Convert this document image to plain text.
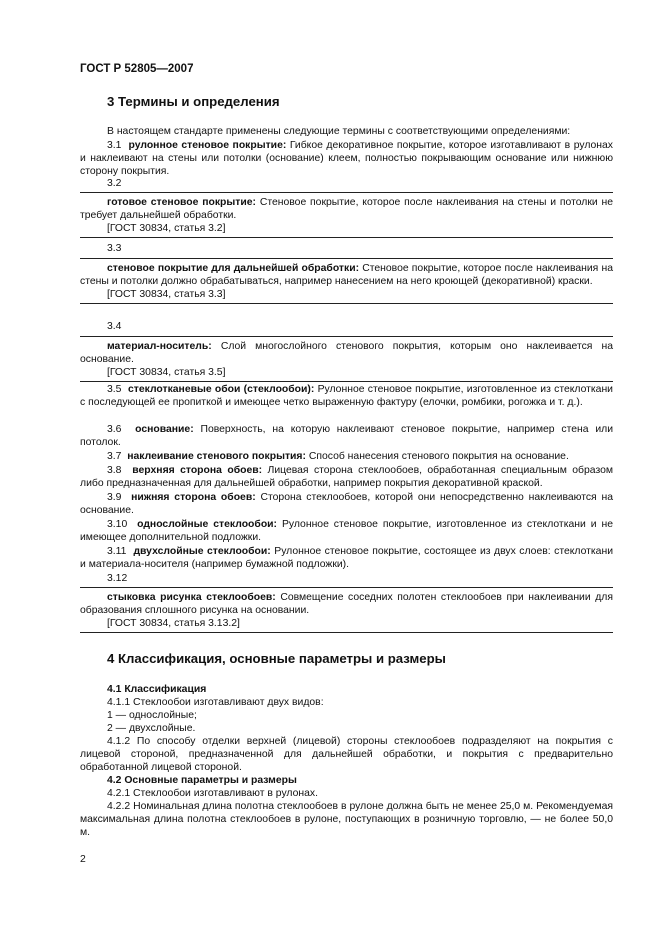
ГОСТ Р 52805—2007
3 Термины и определения

В настоящем стандарте применены следующие термины с соответствующими определениями:

3.1 рулонное стеновое покрытие: Гибкое декоративное покрытие, которое изготавливают в рулонах и наклеивают на стены или потолки (основание) клеем, полностью покрывающим основание или нижнюю сторону покрытия.

3.2

готовое стеновое покрытие: Стеновое покрытие, которое после наклеивания на стены и потолки не требует дальнейшей обработки.

[ГОСТ 30834, статья 3.2]
3.3

стеновое покрытие для дальнейшей обработки: Стеновое покрытие, которое после наклеивания на стены и потолки должно обрабатываться, например нанесением на него кроющей (декоративной) краски.

[ГОСТ 30834, статья 3.3]
3.4

материал-носитель: Слой многослойного стенового покрытия, которым оно наклеивается на основание.

[ГОСТ 30834, статья 3.5]

3.5 стеклотканевые обои (стеклообои): Рулонное стеновое покрытие, изготовленное из стеклоткани с последующей ее пропиткой и имеющее четко выраженную фактуру (елочки, ромбики, рогожка и т. д.).

3.6 основание: Поверхность, на которую наклеивают стеновое покрытие, например стена или потолок.

3.7 наклеивание стенового покрытия: Способ нанесения стенового покрытия на основание.

3.8 верхняя сторона обоев: Лицевая сторона стеклообоев, обработанная специальным образом либо предназначенная для дальнейшей обработки, например покрытия декоративной краской.

3.9 нижняя сторона обоев: Сторона стеклообоев, которой они непосредственно наклеиваются на основание.

3.10 однослойные стеклообои: Рулонное стеновое покрытие, изготовленное из стеклоткани и не имеющее дополнительной подложки.

3.11 двухслойные стеклообои: Рулонное стеновое покрытие, состоящее из двух слоев: стеклоткани и материала-носителя (например бумажной подложки).

3.12

стыковка рисунка стеклообоев: Совмещение соседних полотен стеклообоев при наклеивании для образования сплошного рисунка на основании.

[ГОСТ 30834, статья 3.13.2]
4 Классификация, основные параметры и размеры

4.1 Классификация

4.1.1 Стеклообои изготавливают двух видов:

1 — однослойные;

2 — двухслойные.

4.1.2 По способу отделки верхней (лицевой) стороны стеклообоев подразделяют на покрытия с лицевой стороной, предназначенной для дальнейшей обработки, и покрытия с предварительно обработанной лицевой стороной.

4.2 Основные параметры и размеры

4.2.1 Стеклообои изготавливают в рулонах.

4.2.2 Номинальная длина полотна стеклообоев в рулоне должна быть не менее 25,0 м. Рекомендуемая максимальная длина полотна стеклообоев в рулоне, поступающих в розничную торговлю, — не более 50,0 м.

2
